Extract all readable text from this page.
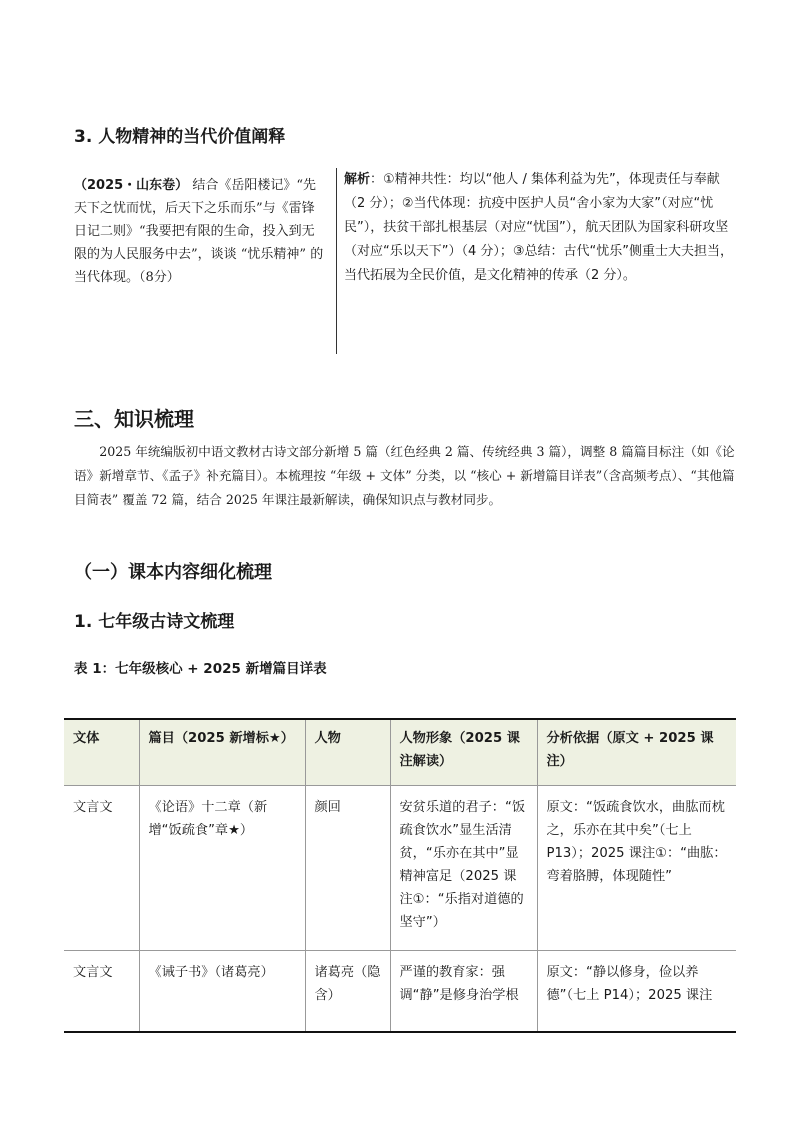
3. 人物精神的当代价值阐释
（2025・山东卷） 结合《岳阳楼记》“先天下之忧而忧，后天下之乐而乐”与《雷锋日记二则》“我要把有限的生命，投入到无限的为人民服务中去”，谈谈 “忧乐精神” 的当代体现。（8分）
解析：①精神共性：均以“他人 / 集体利益为先”，体现责任与奉献（2 分）；②当代体现：抗疫中医护人员“舍小家为大家”（对应“忧民”），扶贫干部扎根基层（对应“忧国”），航天团队为国家科研攻坚（对应“乐以天下”）（4 分）；③总结：古代“忧乐”侧重士大夫担当，当代拓展为全民价值，是文化精神的传承（2 分）。
三、知识梳理

2025 年统编版初中语文教材古诗文部分新增 5 篇（红色经典 2 篇、传统经典 3 篇），调整 8 篇篇目标注（如《论语》新增章节、《孟子》补充篇目）。本梳理按 “年级 + 文体” 分类，以 “核心 + 新增篇目详表”（含高频考点）、“其他篇目简表” 覆盖 72 篇，结合 2025 年课注最新解读，确保知识点与教材同步。

（一）课本内容细化梳理
1. 七年级古诗文梳理

表 1：七年级核心 + 2025 新增篇目详表

文体	篇目（2025 新增标★）	人物	人物形象（2025 课注解读）	分析依据（原文 + 2025 课注）
文言文	《论语》十二章（新增“饭疏食”章★）	颜回	安贫乐道的君子：“饭疏食饮水”显生活清贫，“乐亦在其中”显精神富足（2025 课注①：“乐指对道德的坚守”）	原文：“饭疏食饮水，曲肱而枕之，乐亦在其中矣”（七上 P13）；2025 课注①：“曲肱：弯着胳膊，体现随性”
文言文	《诫子书》（诸葛亮）	诸葛亮（隐含）	严谨的教育家：强调“静”是修身治学根	原文：“静以修身，俭以养德”（七上 P14）；2025 课注
